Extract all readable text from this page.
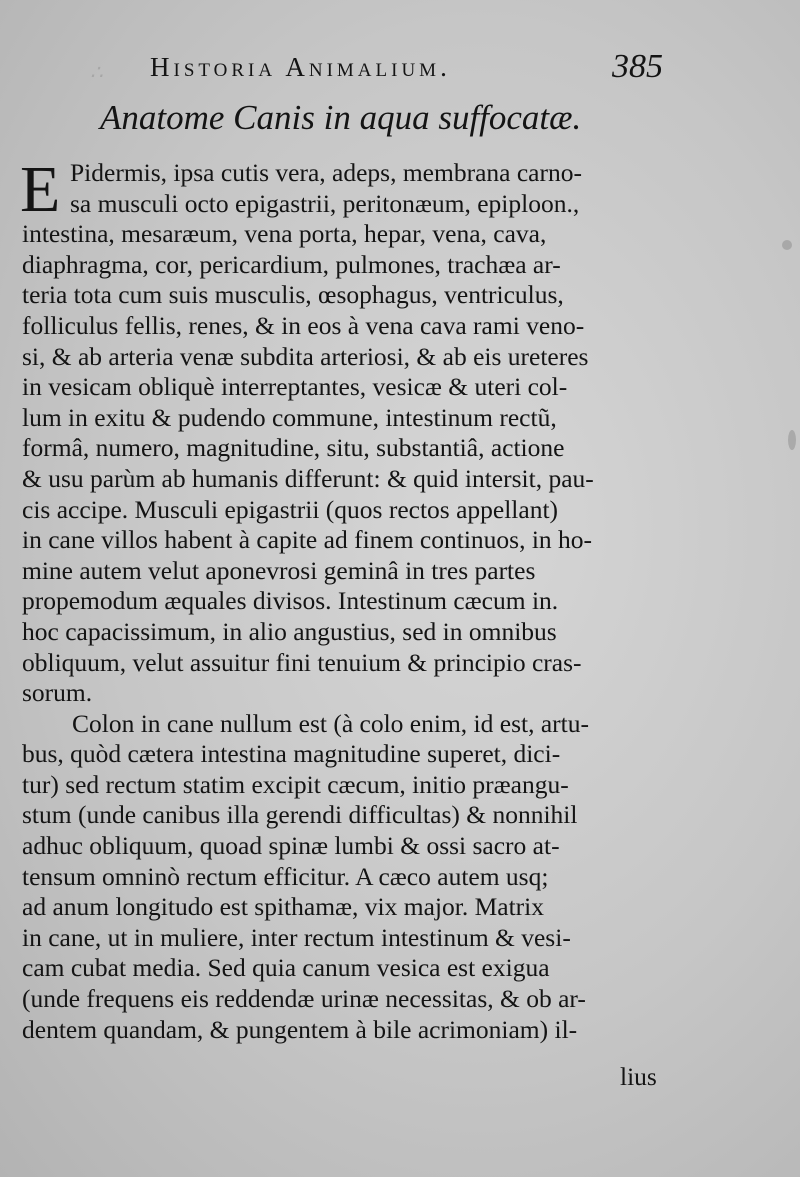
∴ Historia Animalium.	385
Anatome Canis in aqua suffocatæ.
E Pidermis, ipsa cutis vera, adeps, membrana carno-
sa musculi octo epigastrii, peritonæum, epiploon.,
intestina, mesaræum, vena porta, hepar, vena, cava,
diaphragma, cor, pericardium, pulmones, trachæa ar-
teria tota cum suis musculis, œsophagus, ventriculus,
folliculus fellis, renes, & in eos à vena cava rami veno-
si, & ab arteria venæ subdita arteriosi, & ab eis ureteres
in vesicam obliquè interreptantes, vesicæ & uteri col-
lum in exitu & pudendo commune, intestinum rectũ,
formâ, numero, magnitudine, situ, substantiâ, actione
& usu parùm ab humanis differunt: & quid intersit, pau-
cis accipe. Musculi epigastrii (quos rectos appellant)
in cane villos habent à capite ad finem continuos, in ho-
mine autem velut aponevrosi geminâ in tres partes
propemodum æquales divisos. Intestinum cæcum in.
hoc capacissimum, in alio angustius, sed in omnibus
obliquum, velut assuitur fini tenuium & principio cras-
sorum.
Colon in cane nullum est (à colo enim, id est, artu-
bus, quòd cætera intestina magnitudine superet, dici-
tur) sed rectum statim excipit cæcum, initio præangu-
stum (unde canibus illa gerendi difficultas) & nonnihil
adhuc obliquum, quoad spinæ lumbi & ossi sacro at-
tensum omninò rectum efficitur. A cæco autem usq;
ad anum longitudo est spithamæ, vix major. Matrix
in cane, ut in muliere, inter rectum intestinum & vesi-
cam cubat media. Sed quia canum vesica est exigua
(unde frequens eis reddendæ urinæ necessitas, & ob ar-
dentem quandam, & pungentem à bile acrimoniam) il-
lius
